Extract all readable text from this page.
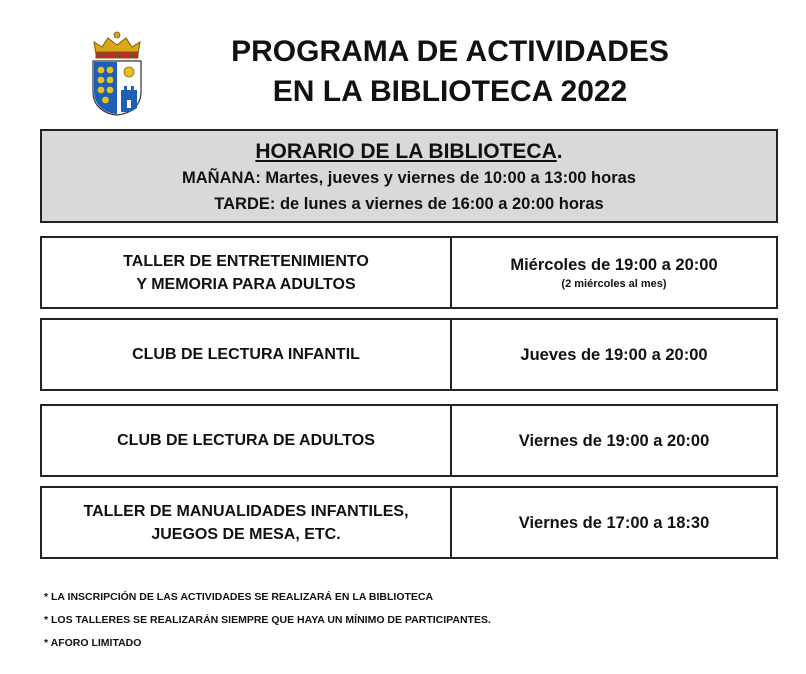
PROGRAMA DE ACTIVIDADES
EN LA BIBLIOTECA 2022
HORARIO DE LA BIBLIOTECA.
MAÑANA: Martes, jueves y viernes de 10:00 a 13:00 horas
TARDE: de lunes a viernes de 16:00 a 20:00 horas
TALLER DE ENTRETENIMIENTO
Y MEMORIA PARA ADULTOS
Miércoles de 19:00 a 20:00
(2 miércoles al mes)
CLUB DE LECTURA INFANTIL	Jueves de 19:00 a 20:00
CLUB DE LECTURA DE ADULTOS	Viernes de 19:00 a 20:00
TALLER DE MANUALIDADES INFANTILES,
JUEGOS DE MESA, ETC.
Viernes de 17:00 a 18:30
* LA INSCRIPCIÓN DE LAS ACTIVIDADES SE REALIZARÁ EN LA BIBLIOTECA
* LOS TALLERES SE REALIZARÁN SIEMPRE QUE HAYA UN MÍNIMO DE PARTICIPANTES.
* AFORO LIMITADO
